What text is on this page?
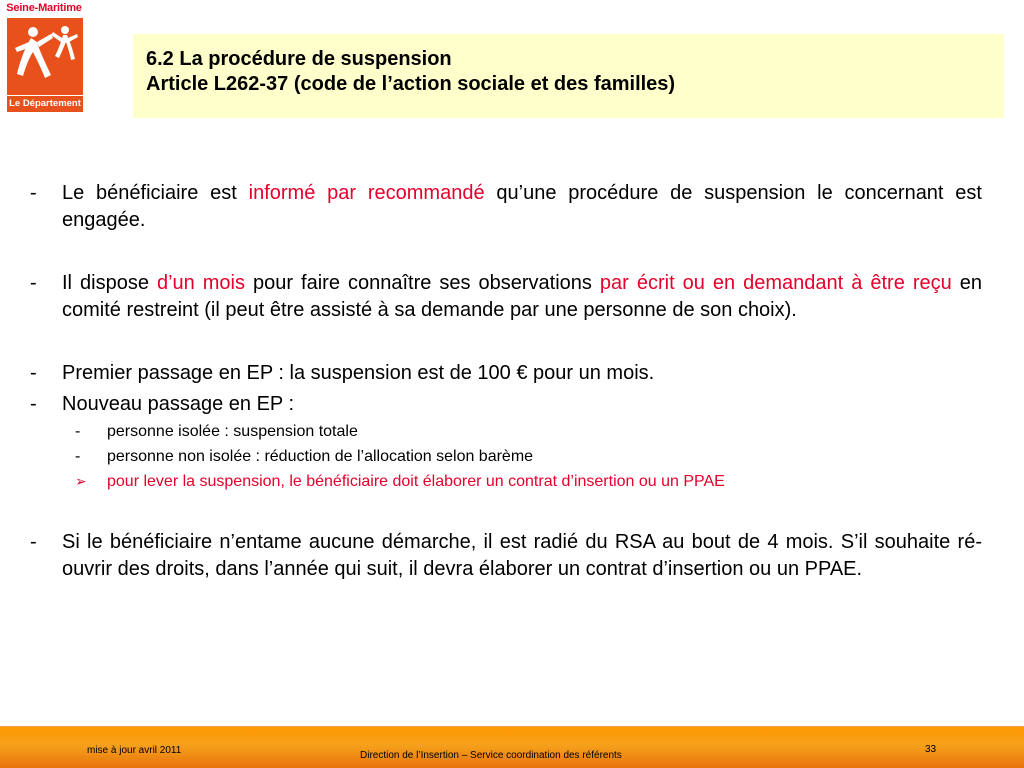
Seine-Maritime
Le Département
6.2 La procédure de suspension
Article L262-37 (code de l’action sociale et des familles)
- Le bénéficiaire est informé par recommandé qu’une procédure de suspension le concernant est engagée.
- Il dispose d’un mois pour faire connaître ses observations par écrit ou en demandant à être reçu en comité restreint (il peut être assisté à sa demande par une personne de son choix).
- Premier passage en EP : la suspension est de 100 € pour un mois.
- Nouveau passage en EP :
- personne isolée : suspension totale
- personne non isolée : réduction de l’allocation selon barème
➢ pour lever la suspension, le bénéficiaire doit élaborer un contrat d’insertion ou un PPAE
- Si le bénéficiaire n’entame aucune démarche, il est radié du RSA au bout de 4 mois. S’il souhaite ré-ouvrir des droits, dans l’année qui suit, il devra élaborer un contrat d’insertion ou un PPAE.
mise à jour avril 2011	Direction de l’Insertion – Service coordination des référents
33
